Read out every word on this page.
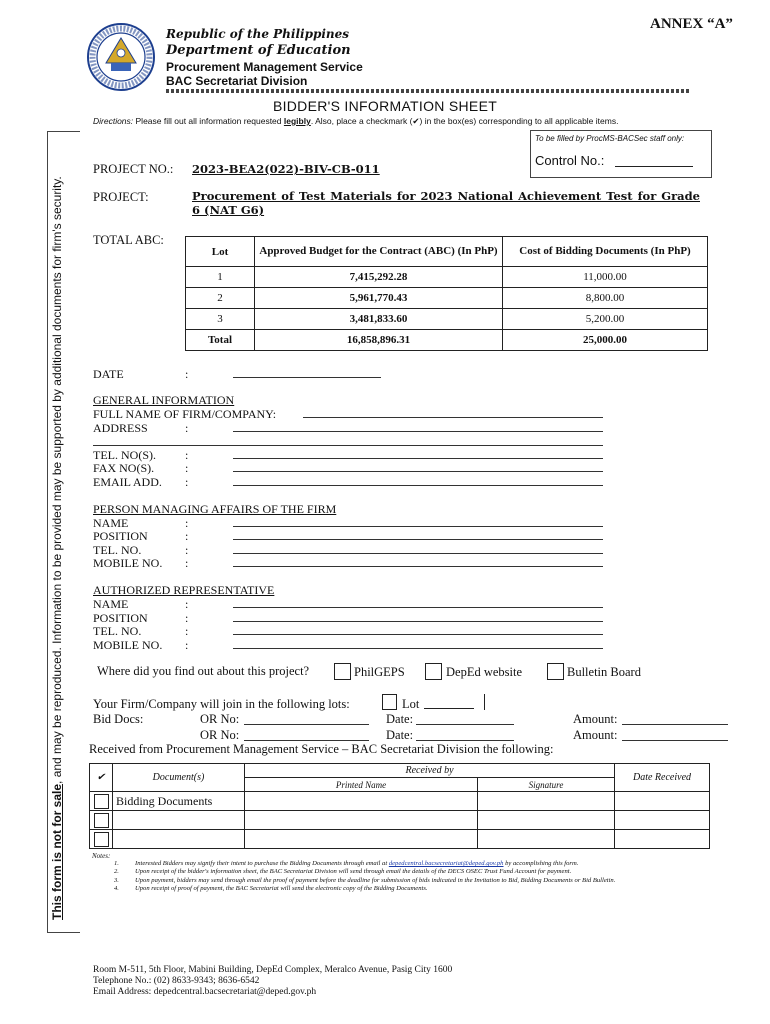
ANNEX “A”
Republic of the Philippines
Department of Education
Procurement Management Service
BAC Secretariat Division
BIDDER'S INFORMATION SHEET
Directions: Please fill out all information requested legibly. Also, place a checkmark (✔) in the box(es) corresponding to all applicable items.
To be filled by ProcMS-BACSec staff only:
Control No.:
This form is not for sale, and may be reproduced. Information to be provided may be supported by additional documents for firm's security.
PROJECT NO.: 2023-BEA2(022)-BIV-CB-011
PROJECT:	Procurement of Test Materials for 2023 National Achievement Test for Grade 6 (NAT G6)
TOTAL ABC:
Lot	Approved Budget for the Contract (ABC) (In PhP)	Cost of Bidding Documents (In PhP)
1	7,415,292.28	11,000.00
2	5,961,770.43	8,800.00
3	3,481,833.60	5,200.00
Total	16,858,896.31	25,000.00
DATE	:
GENERAL INFORMATION
FULL NAME OF FIRM/COMPANY:
ADDRESS	:
TEL. NO(S). :
FAX NO(S).	:
EMAIL ADD. :
PERSON MANAGING AFFAIRS OF THE FIRM
NAME	:
POSITION	:
TEL. NO.	:
MOBILE NO. :
AUTHORIZED REPRESENTATIVE
NAME	:
POSITION	:
TEL. NO.	:
MOBILE NO. :
Where did you find out about this project?	PhilGEPS	DepEd website	Bulletin Board
Your Firm/Company will join in the following lots:	Lot
Bid Docs:	OR No:	Date:	Amount:
OR No:	Date:	Amount:
Received from Procurement Management Service – BAC Secretariat Division the following:
✔	Document(s)	Received by		Date Received
		Printed Name	Signature	
	Bidding Documents			

Notes:
1. Interested Bidders may signify their intent to purchase the Bidding Documents through email at depedcentral.bacsecretariat@deped.gov.ph by accomplishing this form.
2. Upon receipt of the bidder's information sheet, the BAC Secretariat Division will send through email the details of the DECS OSEC Trust Fund Account for payment.
3. Upon payment, bidders may send through email the proof of payment before the deadline for submission of bids indicated in the Invitation to Bid, Bidding Documents or Bid Bulletin.
4. Upon receipt of proof of payment, the BAC Secretariat will send the electronic copy of the Bidding Documents.
Room M-511, 5th Floor, Mabini Building, DepEd Complex, Meralco Avenue, Pasig City 1600
Telephone No.: (02) 8633-9343; 8636-6542
Email Address: depedcentral.bacsecretariat@deped.gov.ph
